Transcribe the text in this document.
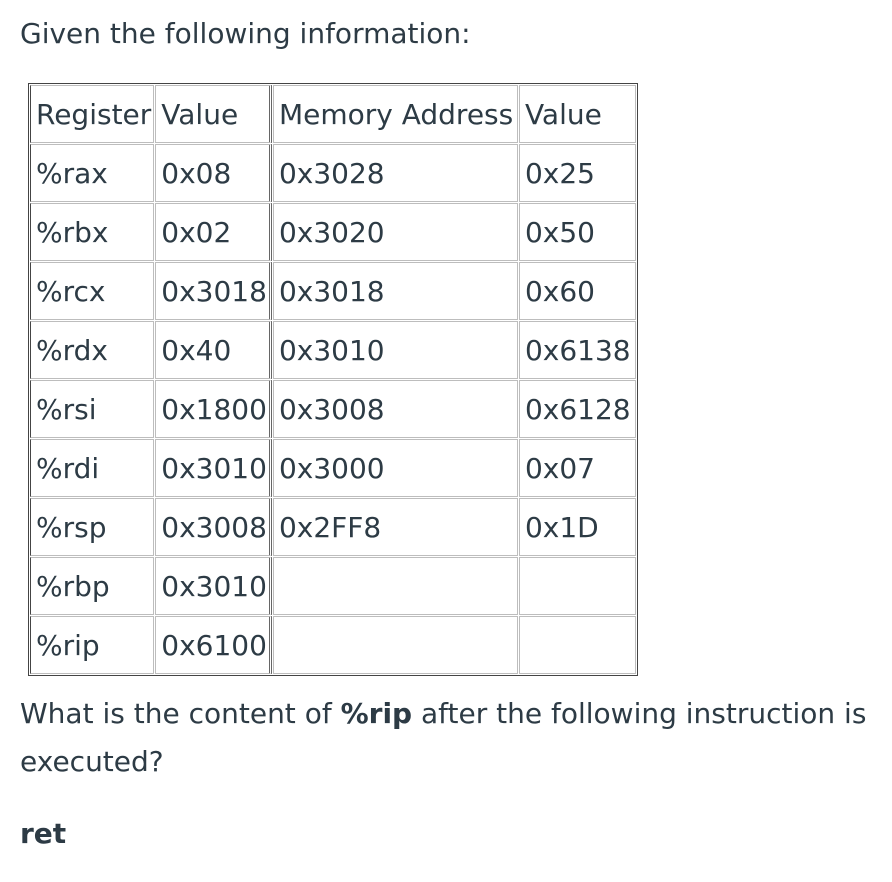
Given the following information:

Register	Value	Memory Address	Value
%rax	0x08	0x3028	0x25
%rbx	0x02	0x3020	0x50
%rcx	0x3018	0x3018	0x60
%rdx	0x40	0x3010	0x6138
%rsi	0x1800	0x3008	0x6128
%rdi	0x3010	0x3000	0x07
%rsp	0x3008	0x2FF8	0x1D
%rbp	0x3010		
%rip	0x6100		

What is the content of %rip after the following instruction is executed?

ret
